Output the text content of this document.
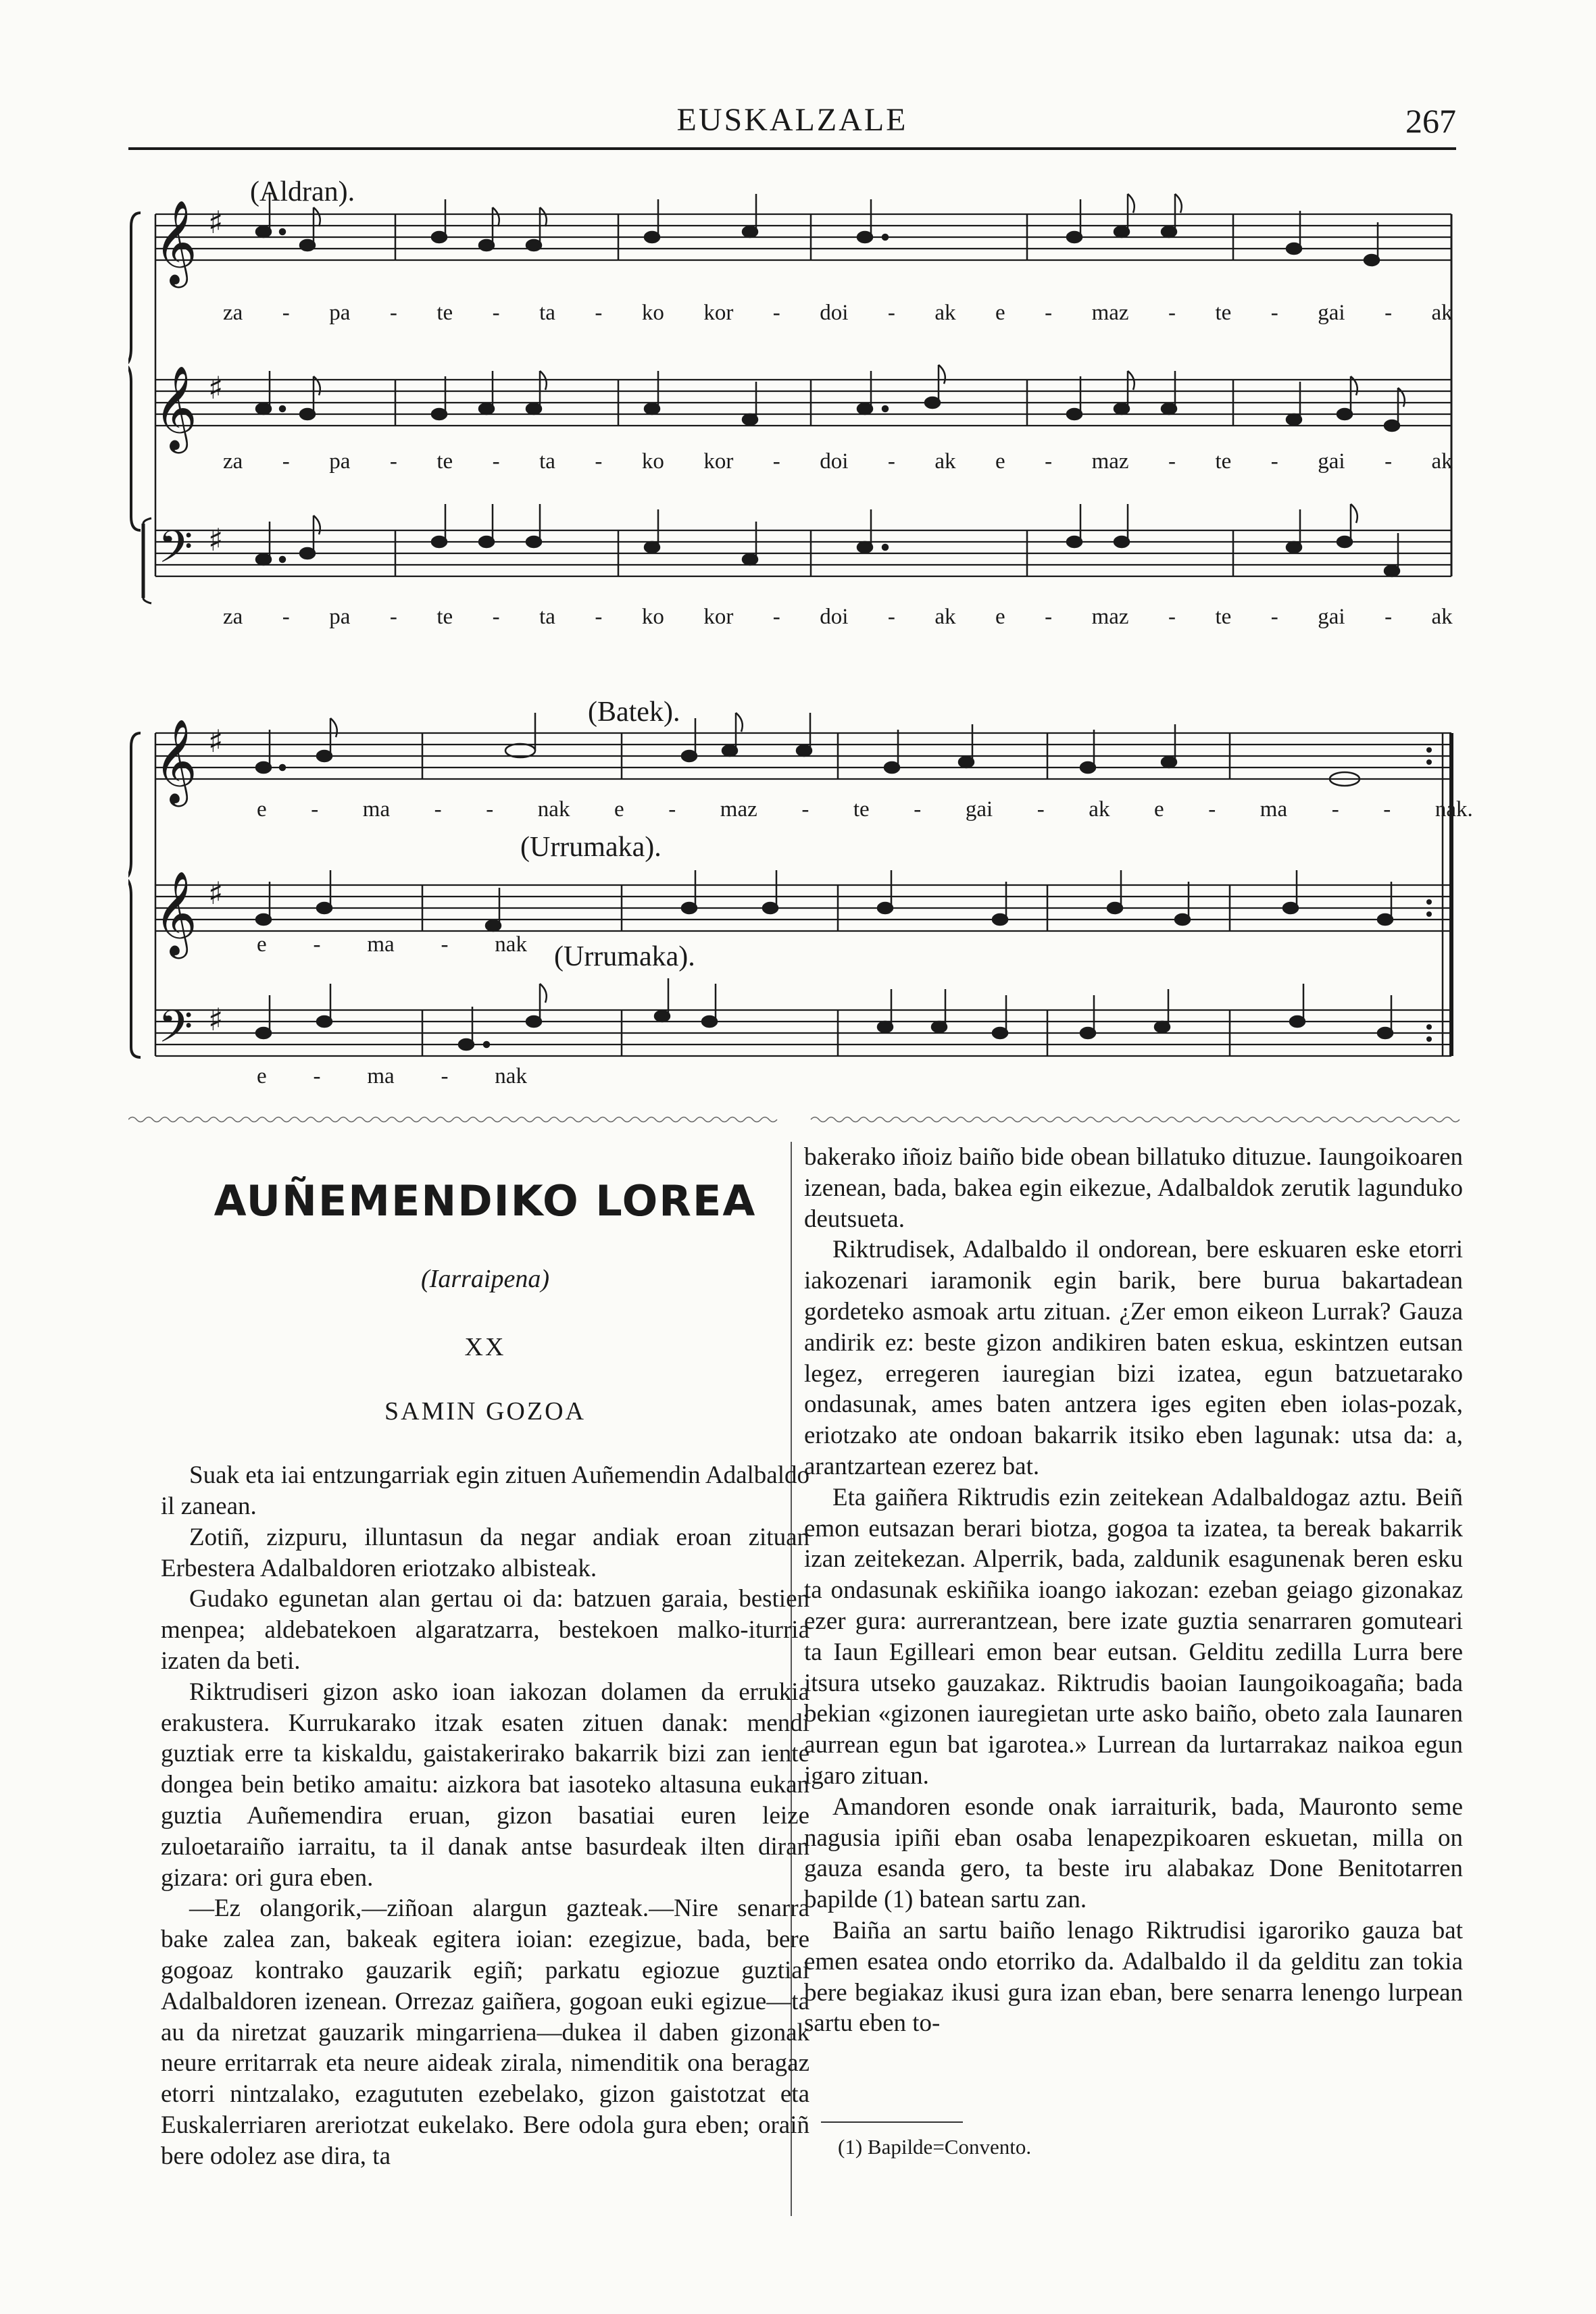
EUSKALZALE	267
𝄞
𝄞
𝄢
♯
♯
♯
(Aldran).
za - pa - te - ta - ko kor - doi - ak e - maz - te - gai - ak
za - pa - te - ta - ko kor - doi - ak e - maz - te - gai - ak
za - pa - te - ta - ko kor - doi - ak e - maz - te - gai - ak
𝄞
𝄞
𝄢
♯
♯
♯
(Batek).
(Urrumaka).
(Urrumaka).
e - ma - - nak e - maz - te - gai - ak e - ma - - nak.
e - ma - nak
e - ma - nak
AUÑEMENDIKO LOREA
(Iarraipena)
XX
SAMIN GOZOA

Suak eta iai entzungarriak egin zituen Auñemendin Adalbaldo il zanean.

Zotiñ, zizpuru, illuntasun da negar andiak eroan zituan Erbestera Adalbaldoren eriotzako albisteak.

Gudako egunetan alan gertau oi da: batzuen garaia, bestien menpea; aldebatekoen algaratzarra, bestekoen malko-iturria izaten da beti.

Riktrudiseri gizon asko ioan iakozan dolamen da errukia erakustera. Kurrukarako itzak esaten zituen danak: mendi guztiak erre ta kiskaldu, gaistakerirako bakarrik bizi zan iente dongea bein betiko amaitu: aizkora bat iasoteko altasuna eukan guztia Auñemendira eruan, gizon basatiai euren leize zuloetaraiño iarraitu, ta il danak antse basurdeak ilten diran gizara: ori gura eben.

—Ez olangorik,—ziñoan alargun gazteak.—Nire senarra bake zalea zan, bakeak egitera ioian: ezegizue, bada, bere gogoaz kontrako gauzarik egiñ; parkatu egiozue guztiai Adalbaldoren izenean. Orrezaz gaiñera, gogoan euki egizue—ta au da niretzat gauzarik mingarriena—dukea il daben gizonak neure erritarrak eta neure aideak zirala, nimenditik ona beragaz etorri nintzalako, ezagututen ezebelako, gizon gaistotzat eta Euskalerriaren areriotzat eukelako. Bere odola gura eben; oraiñ bere odolez ase dira, ta

bakerako iñoiz baiño bide obean billatuko dituzue. Iaungoikoaren izenean, bada, bakea egin eikezue, Adalbaldok zerutik lagunduko deutsueta.

Riktrudisek, Adalbaldo il ondorean, bere eskuaren eske etorri iakozenari iaramonik egin barik, bere burua bakartadean gordeteko asmoak artu zituan. ¿Zer emon eikeon Lurrak? Gauza andirik ez: beste gizon andikiren baten eskua, eskintzen eutsan legez, erregeren iauregian bizi izatea, egun batzuetarako ondasunak, ames baten antzera iges egiten eben iolas-pozak, eriotzako ate ondoan bakarrik itsiko eben lagunak: utsa da: a, arantzartean ezerez bat.

Eta gaiñera Riktrudis ezin zeitekean Adalbaldogaz aztu. Beiñ emon eutsazan berari biotza, gogoa ta izatea, ta bereak bakarrik izan zeitekezan. Alperrik, bada, zaldunik esagunenak beren esku ta ondasunak eskiñika ioango iakozan: ezeban geiago gizonakaz ezer gura: aurrerantzean, bere izate guztia senarraren gomuteari ta Iaun Egilleari emon bear eutsan. Gelditu zedilla Lurra bere itsura utseko gauzakaz. Riktrudis baoian Iaungoikoagaña; bada bekian «gizonen iauregietan urte asko baiño, obeto zala Iaunaren aurrean egun bat igarotea.» Lurrean da lurtarrakaz naikoa egun igaro zituan.

Amandoren esonde onak iarraiturik, bada, Mauronto seme nagusia ipiñi eban osaba lenapezpikoaren eskuetan, milla on gauza esanda gero, ta beste iru alabakaz Done Benitotarren bapilde (1) batean sartu zan.

Baiña an sartu baiño lenago Riktrudisi igaroriko gauza bat emen esatea ondo etorriko da. Adalbaldo il da gelditu zan tokia bere begiakaz ikusi gura izan eban, bere senarra lenengo lurpean sartu eben to-

(1) Bapilde=Convento.
